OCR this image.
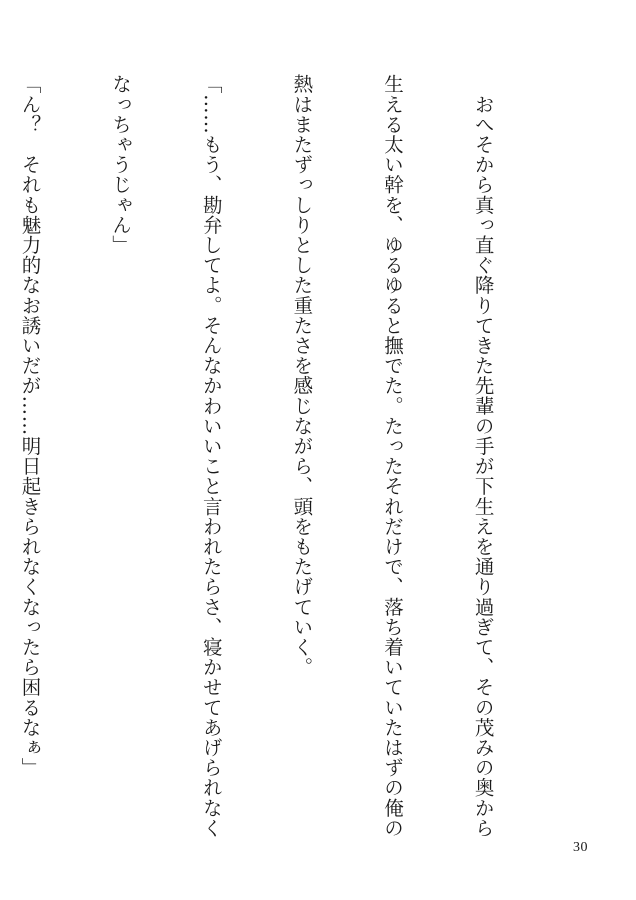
　おへそから真っ直ぐ降りてきた先輩の手が下生えを通り過ぎて、その茂みの奥から

生える太い幹を、ゆるゆると撫でた。たったそれだけで、落ち着いていたはずの俺の

熱はまたずっしりとした重たさを感じながら、頭をもたげていく。

「……もう、勘弁してよ。そんなかわいいこと言われたらさ、寝かせてあげられなく

なっちゃうじゃん」

「ん？　それも魅力的なお誘いだが……明日起きられなくなったら困るなぁ」

30
